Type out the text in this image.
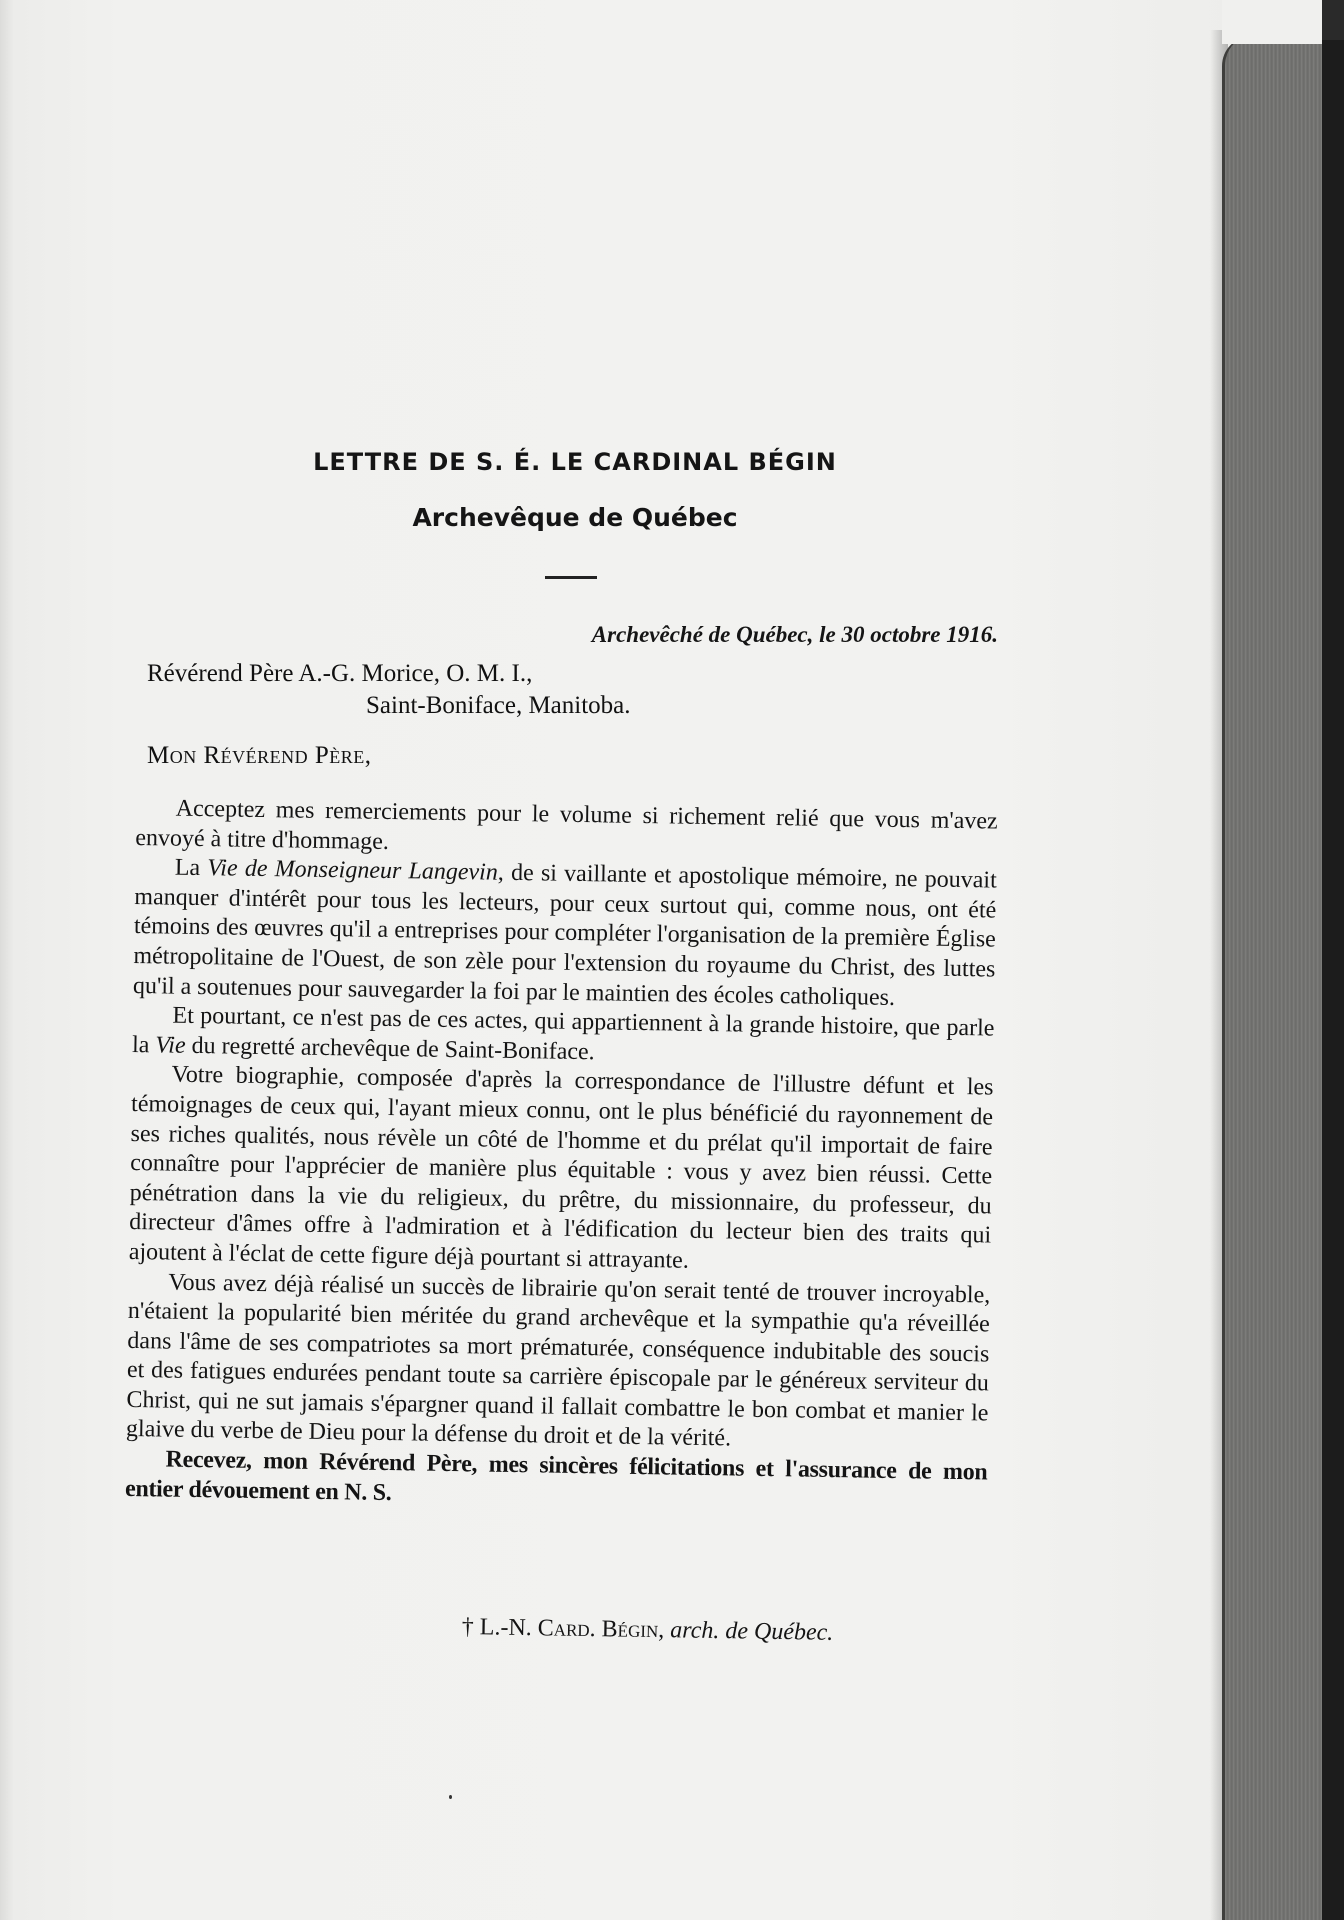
LETTRE DE S. É. LE CARDINAL BÉGIN
Archevêque de Québec
Archevêché de Québec, le 30 octobre 1916.
Révérend Père A.-G. Morice, O. M. I.,
Saint-Boniface, Manitoba.
Mon Révérend Père,

Acceptez mes remerciements pour le volume si richement relié que vous m'avez envoyé à titre d'hommage.

La Vie de Monseigneur Langevin, de si vaillante et apostolique mémoire, ne pouvait manquer d'intérêt pour tous les lecteurs, pour ceux surtout qui, comme nous, ont été témoins des œuvres qu'il a entreprises pour compléter l'organisation de la première Église métropolitaine de l'Ouest, de son zèle pour l'extension du royaume du Christ, des luttes qu'il a soutenues pour sauvegarder la foi par le maintien des écoles catholiques.

Et pourtant, ce n'est pas de ces actes, qui appartiennent à la grande histoire, que parle la Vie du regretté archevêque de Saint-Boniface.

Votre biographie, composée d'après la correspondance de l'illustre défunt et les témoignages de ceux qui, l'ayant mieux connu, ont le plus bénéficié du rayonnement de ses riches qualités, nous révèle un côté de l'homme et du prélat qu'il importait de faire connaître pour l'apprécier de manière plus équitable : vous y avez bien réussi. Cette pénétration dans la vie du religieux, du prêtre, du missionnaire, du professeur, du directeur d'âmes offre à l'admiration et à l'édification du lecteur bien des traits qui ajoutent à l'éclat de cette figure déjà pourtant si attrayante.

Vous avez déjà réalisé un succès de librairie qu'on serait tenté de trouver incroyable, n'étaient la popularité bien méritée du grand archevêque et la sympathie qu'a réveillée dans l'âme de ses compatriotes sa mort prématurée, conséquence indubitable des soucis et des fatigues endurées pendant toute sa carrière épiscopale par le généreux serviteur du Christ, qui ne sut jamais s'épargner quand il fallait combattre le bon combat et manier le glaive du verbe de Dieu pour la défense du droit et de la vérité.

Recevez, mon Révérend Père, mes sincères félicitations et l'assurance de mon entier dévouement en N. S.

† L.-N. Card. Bégin, arch. de Québec.
